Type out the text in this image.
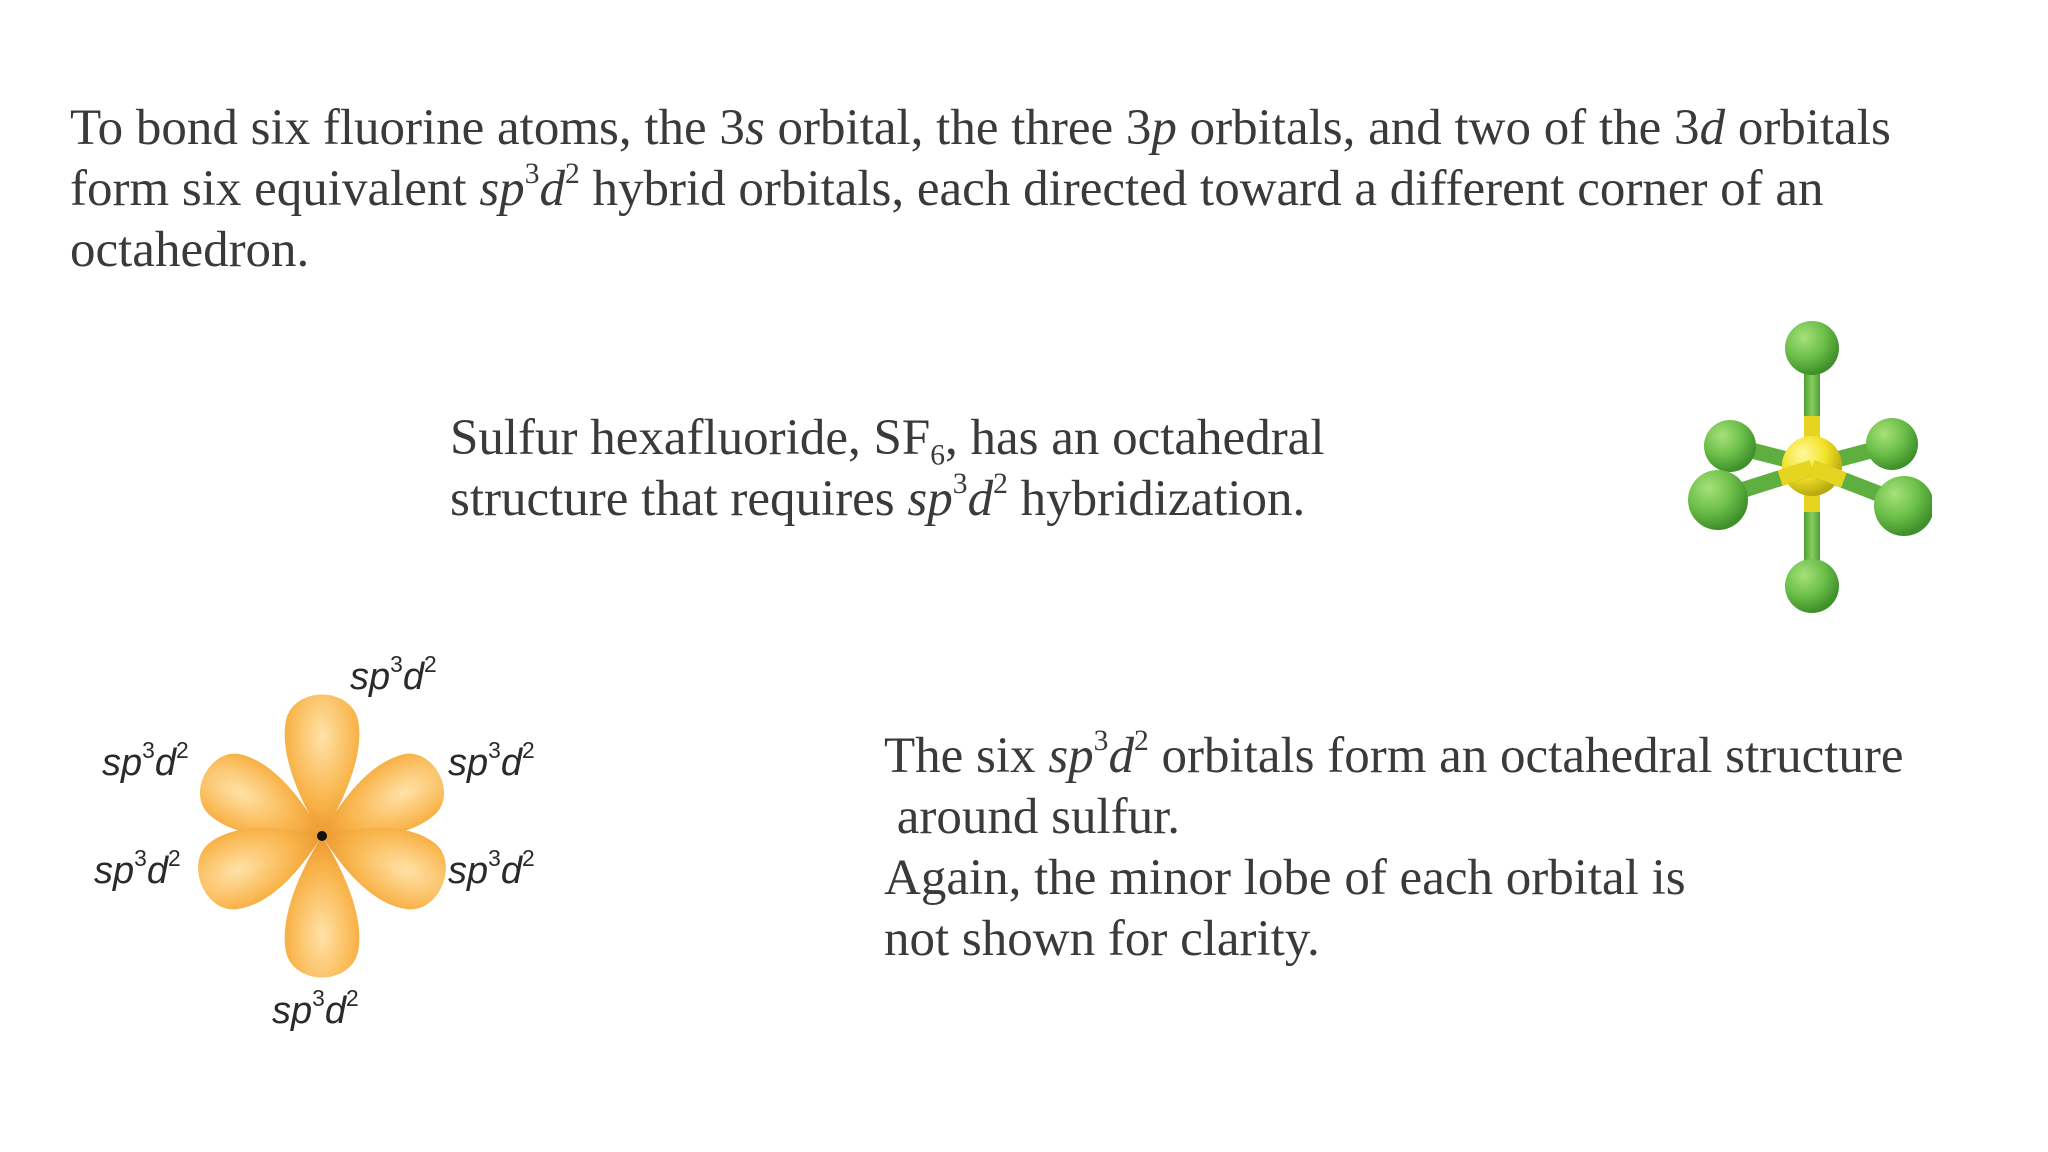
To bond six fluorine atoms, the 3s orbital, the three 3p orbitals, and two of the 3d orbitals

form six equivalent $sp^3d^2$ hybrid orbitals, each directed toward a different corner of an

octahedron.

Sulfur hexafluoride, $SF_6$, has an octahedral

structure that requires $sp^3d^2$ hybridization.

The six $sp^3d^2$ orbitals form an octahedral structure

around sulfur.

Again, the minor lobe of each orbital is

not shown for clarity.

$sp^3d^2$
$sp^3d^2$	$sp^3d^2$
$sp^3d^2$	$sp^3d^2$
$sp^3d^2$
